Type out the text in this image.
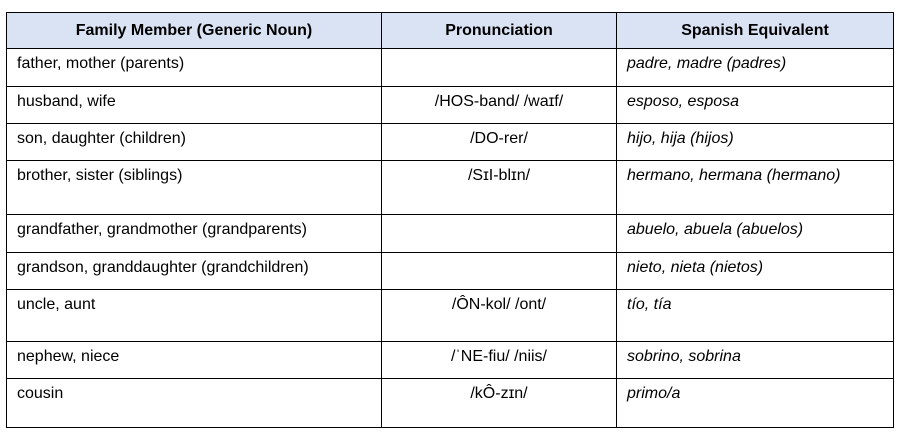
Family Member (Generic Noun)	Pronunciation	Spanish Equivalent
father, mother (parents)		padre, madre (padres)
husband, wife	/HOS-band/ /waɪf/	esposo, esposa
son, daughter (children)	/DO-rer/	hijo, hija (hijos)
brother, sister (siblings)	/SɪI-blɪn/	hermano, hermana (hermano)
grandfather, grandmother (grandparents)		abuelo, abuela (abuelos)
grandson, granddaughter (grandchildren)		nieto, nieta (nietos)
uncle, aunt	/ÔN-kol/ /ont/	tío, tía
nephew, niece	/ˈNE-fiu/ /niis/	sobrino, sobrina
cousin	/kÔ-zɪn/	primo/a
